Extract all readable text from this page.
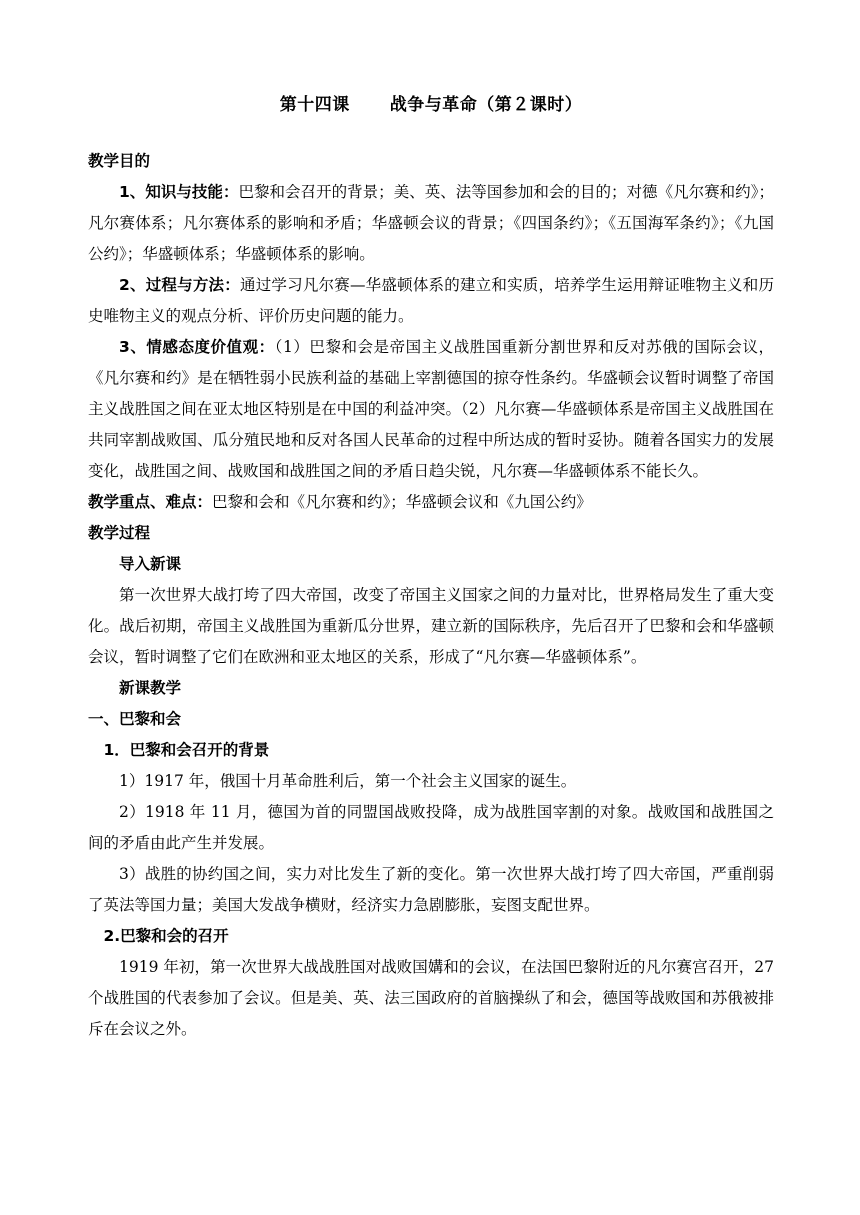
第十四课 战争与革命（第２课时）

教学目的

1、知识与技能：巴黎和会召开的背景；美、英、法等国参加和会的目的；对德《凡尔赛和约》；凡尔赛体系；凡尔赛体系的影响和矛盾；华盛顿会议的背景；《四国条约》；《五国海军条约》；《九国公约》；华盛顿体系；华盛顿体系的影响。

2、过程与方法：通过学习凡尔赛—华盛顿体系的建立和实质，培养学生运用辩证唯物主义和历史唯物主义的观点分析、评价历史问题的能力。

3、情感态度价值观：（1）巴黎和会是帝国主义战胜国重新分割世界和反对苏俄的国际会议，《凡尔赛和约》是在牺牲弱小民族利益的基础上宰割德国的掠夺性条约。华盛顿会议暂时调整了帝国主义战胜国之间在亚太地区特别是在中国的利益冲突。（2）凡尔赛—华盛顿体系是帝国主义战胜国在共同宰割战败国、瓜分殖民地和反对各国人民革命的过程中所达成的暂时妥协。随着各国实力的发展变化，战胜国之间、战败国和战胜国之间的矛盾日趋尖锐，凡尔赛—华盛顿体系不能长久。

教学重点、难点：巴黎和会和《凡尔赛和约》；华盛顿会议和《九国公约》

教学过程

导入新课

第一次世界大战打垮了四大帝国，改变了帝国主义国家之间的力量对比，世界格局发生了重大变化。战后初期，帝国主义战胜国为重新瓜分世界，建立新的国际秩序，先后召开了巴黎和会和华盛顿会议，暂时调整了它们在欧洲和亚太地区的关系，形成了“凡尔赛—华盛顿体系”。

新课教学

一、巴黎和会

1．巴黎和会召开的背景

1）1917 年，俄国十月革命胜利后，第一个社会主义国家的诞生。

2）1918 年 11 月，德国为首的同盟国战败投降，成为战胜国宰割的对象。战败国和战胜国之间的矛盾由此产生并发展。

3）战胜的协约国之间，实力对比发生了新的变化。第一次世界大战打垮了四大帝国，严重削弱了英法等国力量；美国大发战争横财，经济实力急剧膨胀，妄图支配世界。

2.巴黎和会的召开

1919 年初，第一次世界大战战胜国对战败国媾和的会议，在法国巴黎附近的凡尔赛宫召开，27 个战胜国的代表参加了会议。但是美、英、法三国政府的首脑操纵了和会，德国等战败国和苏俄被排斥在会议之外。
